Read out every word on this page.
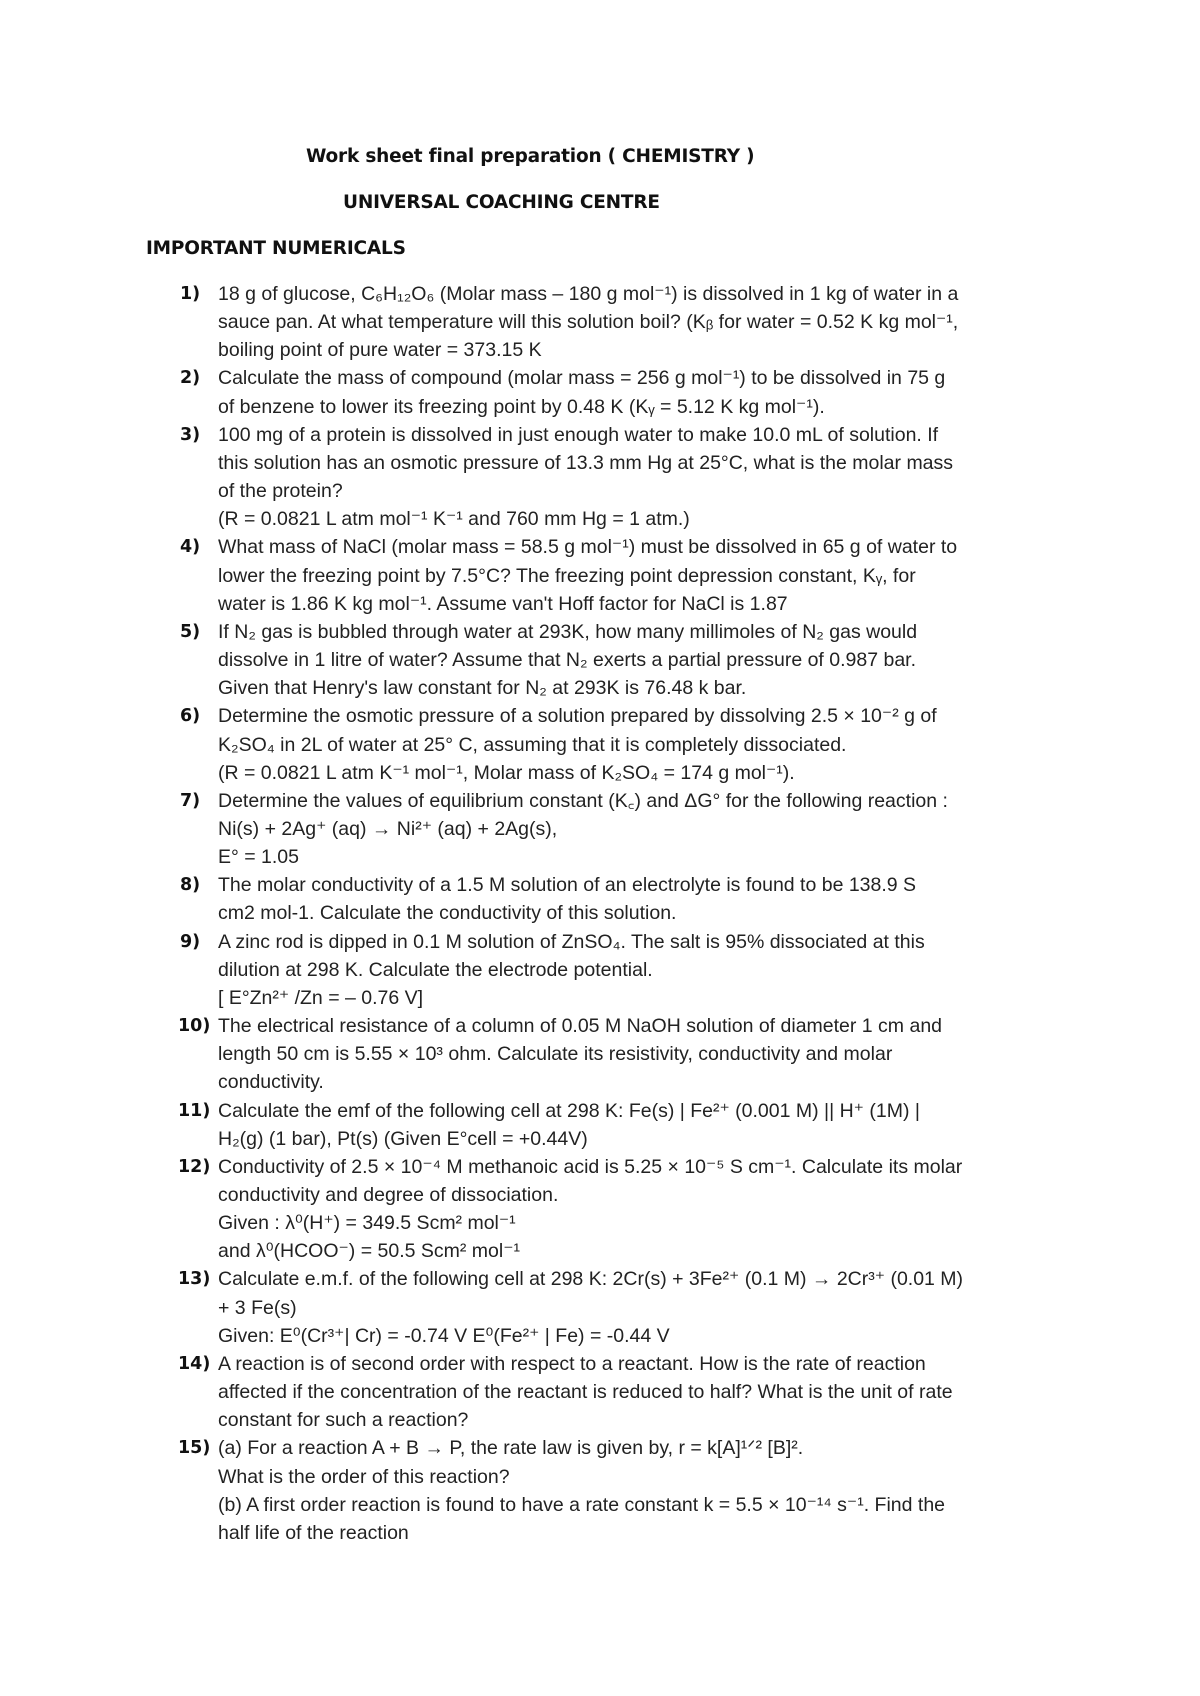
Work sheet final preparation ( CHEMISTRY )
UNIVERSAL COACHING CENTRE
IMPORTANT NUMERICALS
1) 18 g of glucose, C₆H₁₂O₆ (Molar mass – 180 g mol⁻¹) is dissolved in 1 kg of water in a
sauce pan. At what temperature will this solution boil? (Kᵦ for water = 0.52 K kg mol⁻¹,
boiling point of pure water = 373.15 K
2) Calculate the mass of compound (molar mass = 256 g mol⁻¹) to be dissolved in 75 g
of benzene to lower its freezing point by 0.48 K (Kᵧ = 5.12 K kg mol⁻¹).
3) 100 mg of a protein is dissolved in just enough water to make 10.0 mL of solution. If
this solution has an osmotic pressure of 13.3 mm Hg at 25°C, what is the molar mass
of the protein?
(R = 0.0821 L atm mol⁻¹ K⁻¹ and 760 mm Hg = 1 atm.)
4) What mass of NaCl (molar mass = 58.5 g mol⁻¹) must be dissolved in 65 g of water to
lower the freezing point by 7.5°C? The freezing point depression constant, Kᵧ, for
water is 1.86 K kg mol⁻¹. Assume van't Hoff factor for NaCl is 1.87
5) If N₂ gas is bubbled through water at 293K, how many millimoles of N₂ gas would
dissolve in 1 litre of water? Assume that N₂ exerts a partial pressure of 0.987 bar.
Given that Henry's law constant for N₂ at 293K is 76.48 k bar.
6) Determine the osmotic pressure of a solution prepared by dissolving 2.5 × 10⁻² g of
K₂SO₄ in 2L of water at 25° C, assuming that it is completely dissociated.
(R = 0.0821 L atm K⁻¹ mol⁻¹, Molar mass of K₂SO₄ = 174 g mol⁻¹).
7) Determine the values of equilibrium constant (K꜀) and ΔG° for the following reaction :
Ni(s) + 2Ag⁺ (aq) → Ni²⁺ (aq) + 2Ag(s),
E° = 1.05
8) The molar conductivity of a 1.5 M solution of an electrolyte is found to be 138.9 S
cm2 mol-1. Calculate the conductivity of this solution.
9) A zinc rod is dipped in 0.1 M solution of ZnSO₄. The salt is 95% dissociated at this
dilution at 298 K. Calculate the electrode potential.
[ E°Zn²⁺ /Zn = – 0.76 V]
10) The electrical resistance of a column of 0.05 M NaOH solution of diameter 1 cm and
length 50 cm is 5.55 × 10³ ohm. Calculate its resistivity, conductivity and molar
conductivity.
11) Calculate the emf of the following cell at 298 K: Fe(s) | Fe²⁺ (0.001 M) || H⁺ (1M) |
H₂(g) (1 bar), Pt(s) (Given E°cell = +0.44V)
12) Conductivity of 2.5 × 10⁻⁴ M methanoic acid is 5.25 × 10⁻⁵ S cm⁻¹. Calculate its molar
conductivity and degree of dissociation.
Given : λ⁰(H⁺) = 349.5 Scm² mol⁻¹
and λ⁰(HCOO⁻) = 50.5 Scm² mol⁻¹
13) Calculate e.m.f. of the following cell at 298 K: 2Cr(s) + 3Fe²⁺ (0.1 M) → 2Cr³⁺ (0.01 M)
+ 3 Fe(s)
Given: E⁰(Cr³⁺| Cr) = -0.74 V E⁰(Fe²⁺ | Fe) = -0.44 V
14) A reaction is of second order with respect to a reactant. How is the rate of reaction
affected if the concentration of the reactant is reduced to half? What is the unit of rate
constant for such a reaction?
15) (a) For a reaction A + B → P, the rate law is given by, r = k[A]¹ᐟ² [B]².
What is the order of this reaction?
(b) A first order reaction is found to have a rate constant k = 5.5 × 10⁻¹⁴ s⁻¹. Find the
half life of the reaction
